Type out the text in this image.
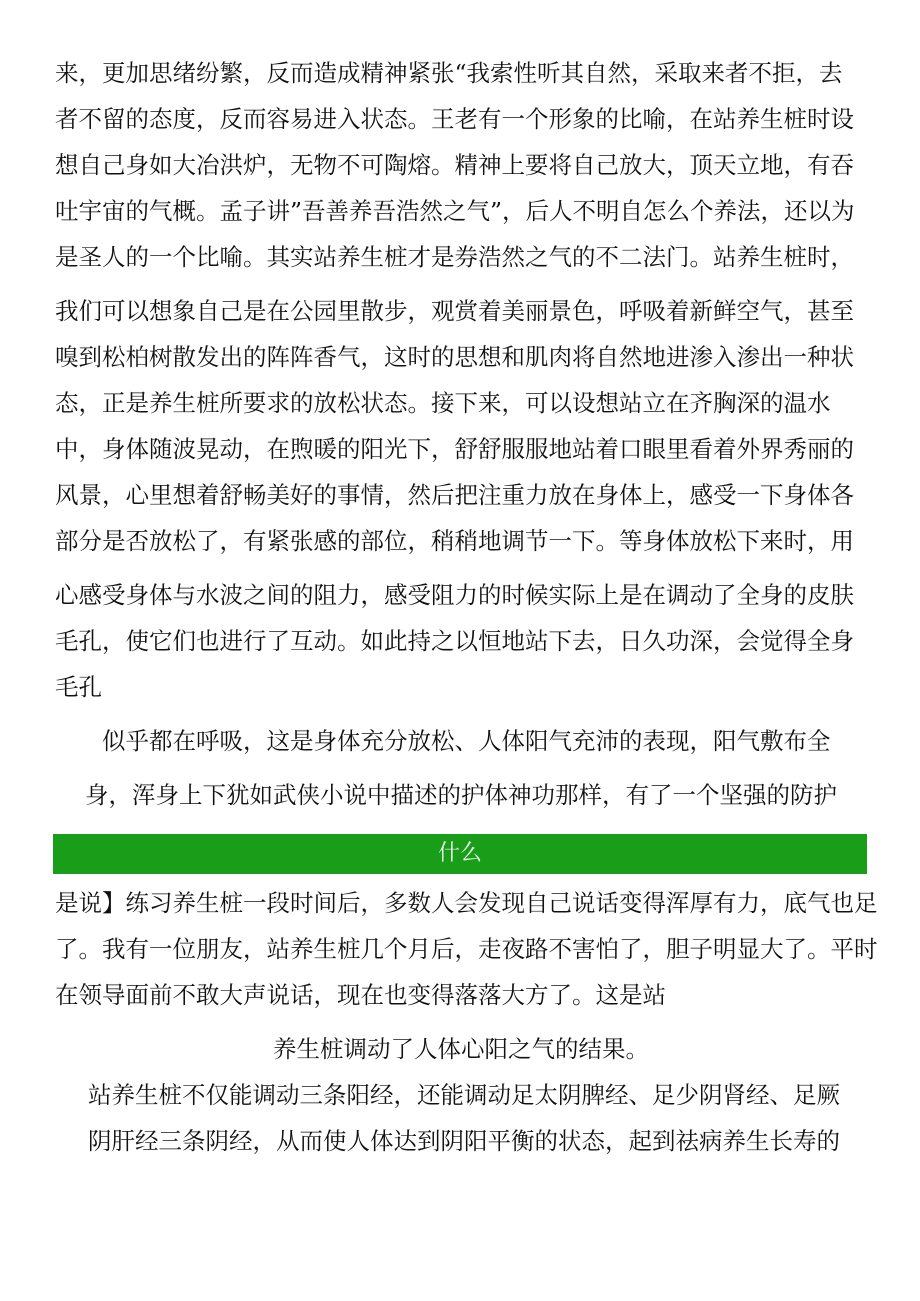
来，更加思绪纷繁，反而造成精神紧张“我索性听其自然，采取来者不拒，去
者不留的态度，反而容易进入状态。王老有一个形象的比喻，在站养生桩时设
想自己身如大冶洪炉，无物不可陶熔。精神上要将自己放大，顶天立地，有吞
吐宇宙的气概。孟子讲”吾善养吾浩然之气”，后人不明自怎么个养法，还以为
是圣人的一个比喻。其实站养生桩才是券浩然之气的不二法门。站养生桩时，
我们可以想象自己是在公园里散步，观赏着美丽景色，呼吸着新鲜空气，甚至
嗅到松柏树散发出的阵阵香气，这时的思想和肌肉将自然地进渗入渗出一种状
态，正是养生桩所要求的放松状态。接下来，可以设想站立在齐胸深的温水
中，身体随波晃动，在煦暖的阳光下，舒舒服服地站着口眼里看着外界秀丽的
风景，心里想着舒畅美好的事情，然后把注重力放在身体上，感受一下身体各
部分是否放松了，有紧张感的部位，稍稍地调节一下。等身体放松下来时，用
心感受身体与水波之间的阻力，感受阻力的时候实际上是在调动了全身的皮肤
毛孔，使它们也进行了互动。如此持之以恒地站下去，日久功深，会觉得全身
毛孔
似乎都在呼吸，这是身体充分放松、人体阳气充沛的表现，阳气敷布全
身，浑身上下犹如武侠小说中描述的护体神功那样，有了一个坚强的防护
什么
是说】练习养生桩一段时间后，多数人会发现自己说话变得浑厚有力，底气也足
了。我有一位朋友，站养生桩几个月后，走夜路不害怕了，胆子明显大了。平时
在领导面前不敢大声说话，现在也变得落落大方了。这是站
养生桩调动了人体心阳之气的结果。
站养生桩不仅能调动三条阳经，还能调动足太阴脾经、足少阴肾经、足厥
阴肝经三条阴经，从而使人体达到阴阳平衡的状态，起到祛病养生长寿的
